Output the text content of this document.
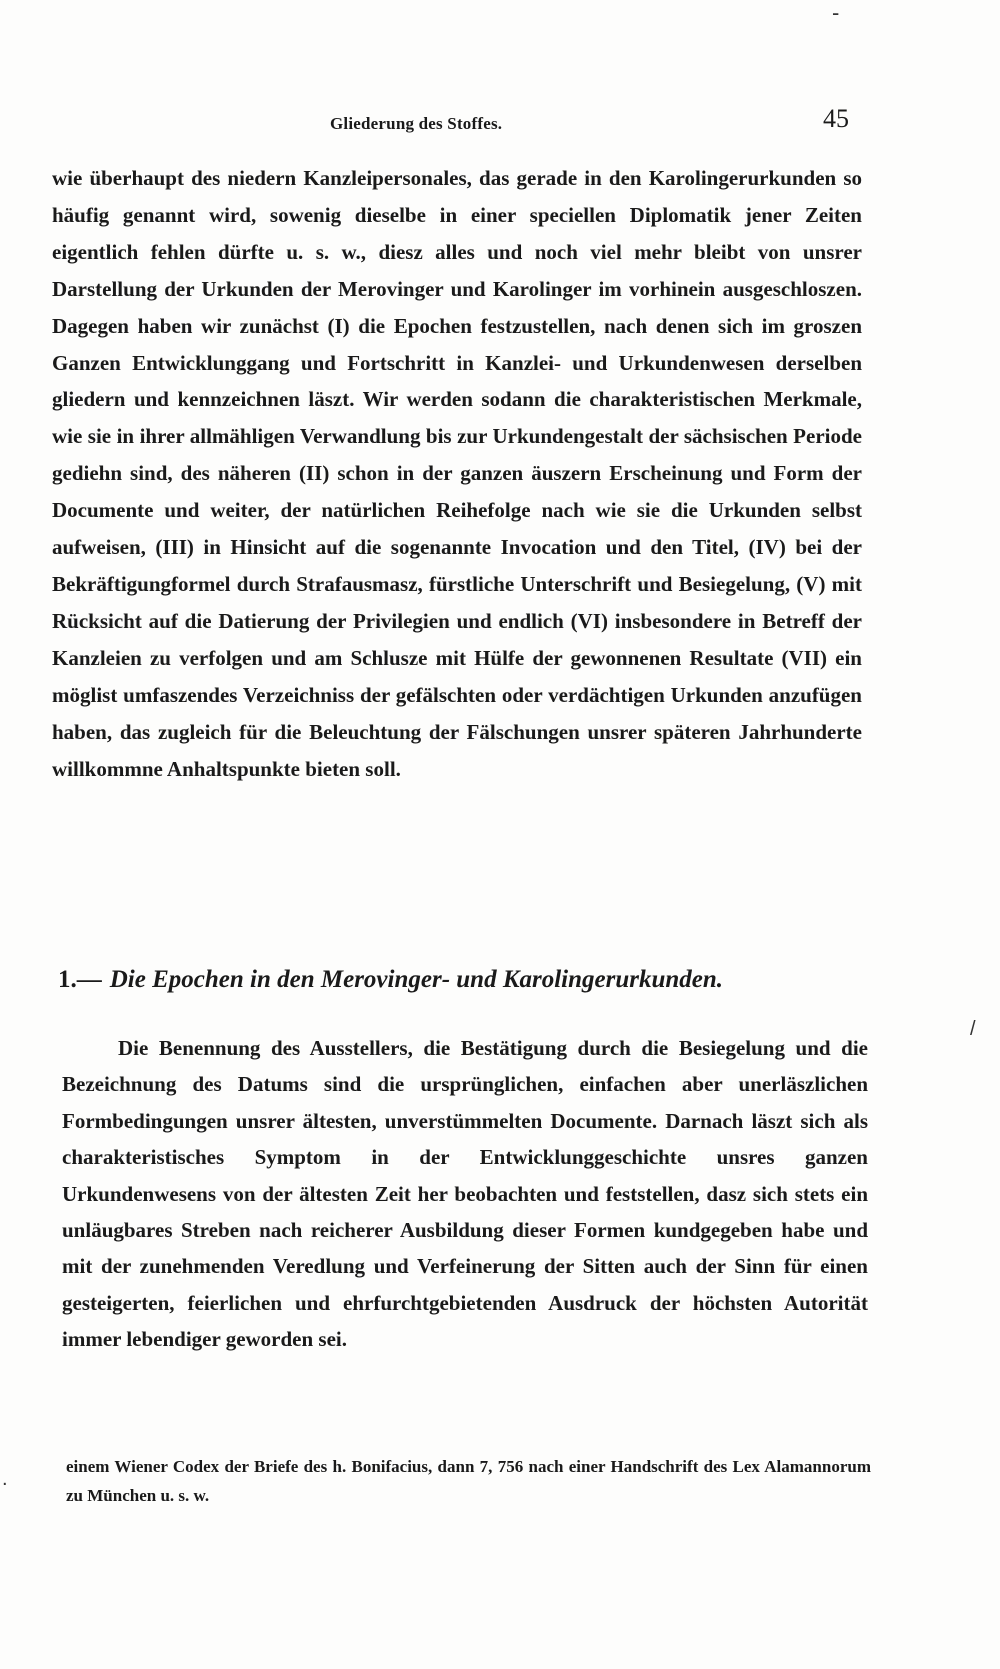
-
/
.
Gliederung des Stoffes.	45

wie überhaupt des niedern Kanzleipersonales, das gerade in den Karolingerurkunden so häufig genannt wird, sowenig dieselbe in einer speciellen Diplomatik jener Zeiten eigentlich fehlen dürfte u. s. w., diesz alles und noch viel mehr bleibt von unsrer Darstellung der Urkunden der Merovinger und Karolinger im vorhinein ausgeschloszen. Dagegen haben wir zunächst (I) die Epochen festzustellen, nach denen sich im groszen Ganzen Entwicklunggang und Fortschritt in Kanzlei- und Urkundenwesen derselben gliedern und kennzeichnen läszt. Wir werden sodann die charakteristischen Merkmale, wie sie in ihrer allmähligen Verwandlung bis zur Urkundengestalt der sächsischen Periode gediehn sind, des näheren (II) schon in der ganzen äuszern Erscheinung und Form der Documente und weiter, der natürlichen Reihefolge nach wie sie die Urkunden selbst aufweisen, (III) in Hinsicht auf die sogenannte Invocation und den Titel, (IV) bei der Bekräftigungformel durch Strafausmasz, fürstliche Unterschrift und Besiegelung, (V) mit Rücksicht auf die Datierung der Privilegien und endlich (VI) insbesondere in Betreff der Kanzleien zu verfolgen und am Schlusze mit Hülfe der gewonnenen Resultate (VII) ein möglist umfaszendes Verzeichniss der gefälschten oder verdächtigen Urkunden anzufügen haben, das zugleich für die Beleuchtung der Fälschungen unsrer späteren Jahrhunderte willkommne Anhaltspunkte bieten soll.

1.— Die Epochen in den Merovinger- und Karolingerurkunden.

Die Benennung des Ausstellers, die Bestätigung durch die Besiegelung und die Bezeichnung des Datums sind die ursprünglichen, einfachen aber unerläszlichen Formbedingungen unsrer ältesten, unverstümmelten Documente. Darnach läszt sich als charakteristisches Symptom in der Entwicklunggeschichte unsres ganzen Urkundenwesens von der ältesten Zeit her beobachten und feststellen, dasz sich stets ein unläugbares Streben nach reicherer Ausbildung dieser Formen kundgegeben habe und mit der zunehmenden Veredlung und Verfeinerung der Sitten auch der Sinn für einen gesteigerten, feierlichen und ehrfurchtgebietenden Ausdruck der höchsten Autorität immer lebendiger geworden sei.

einem Wiener Codex der Briefe des h. Bonifacius, dann 7, 756 nach einer Handschrift des Lex Alamannorum zu München u. s. w.
